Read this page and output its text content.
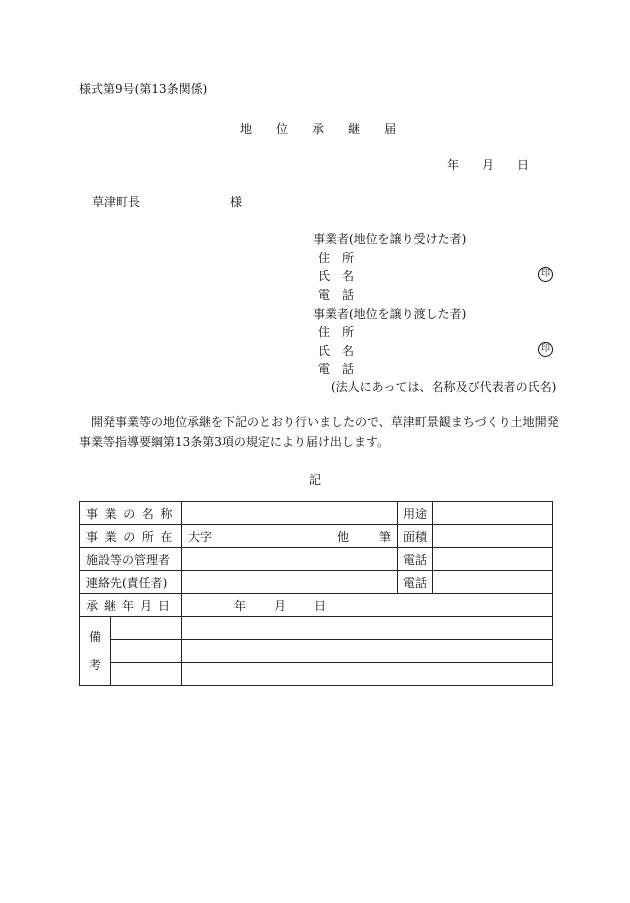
様式第9号(第13条関係)
地 位 承 継 届
年 月 日
草津町長	様
事業者(地位を譲り受けた者)
住　所
氏　名	印
電　話
事業者(地位を譲り渡した者)
住　所
氏　名	印
電　話
(法人にあっては、名称及び代表者の氏名)
開発事業等の地位承継を下記のとおり行いましたので、草津町景観まちづくり土地開発
事業等指導要綱第13条第3項の規定により届け出します。
記
事業の名称			用途	
事業の所在		大字 他 筆	面積	
施設等の管理者			電話	
連絡先(責任者)			電話	
承継年月日		年 月 日		

備
考				
